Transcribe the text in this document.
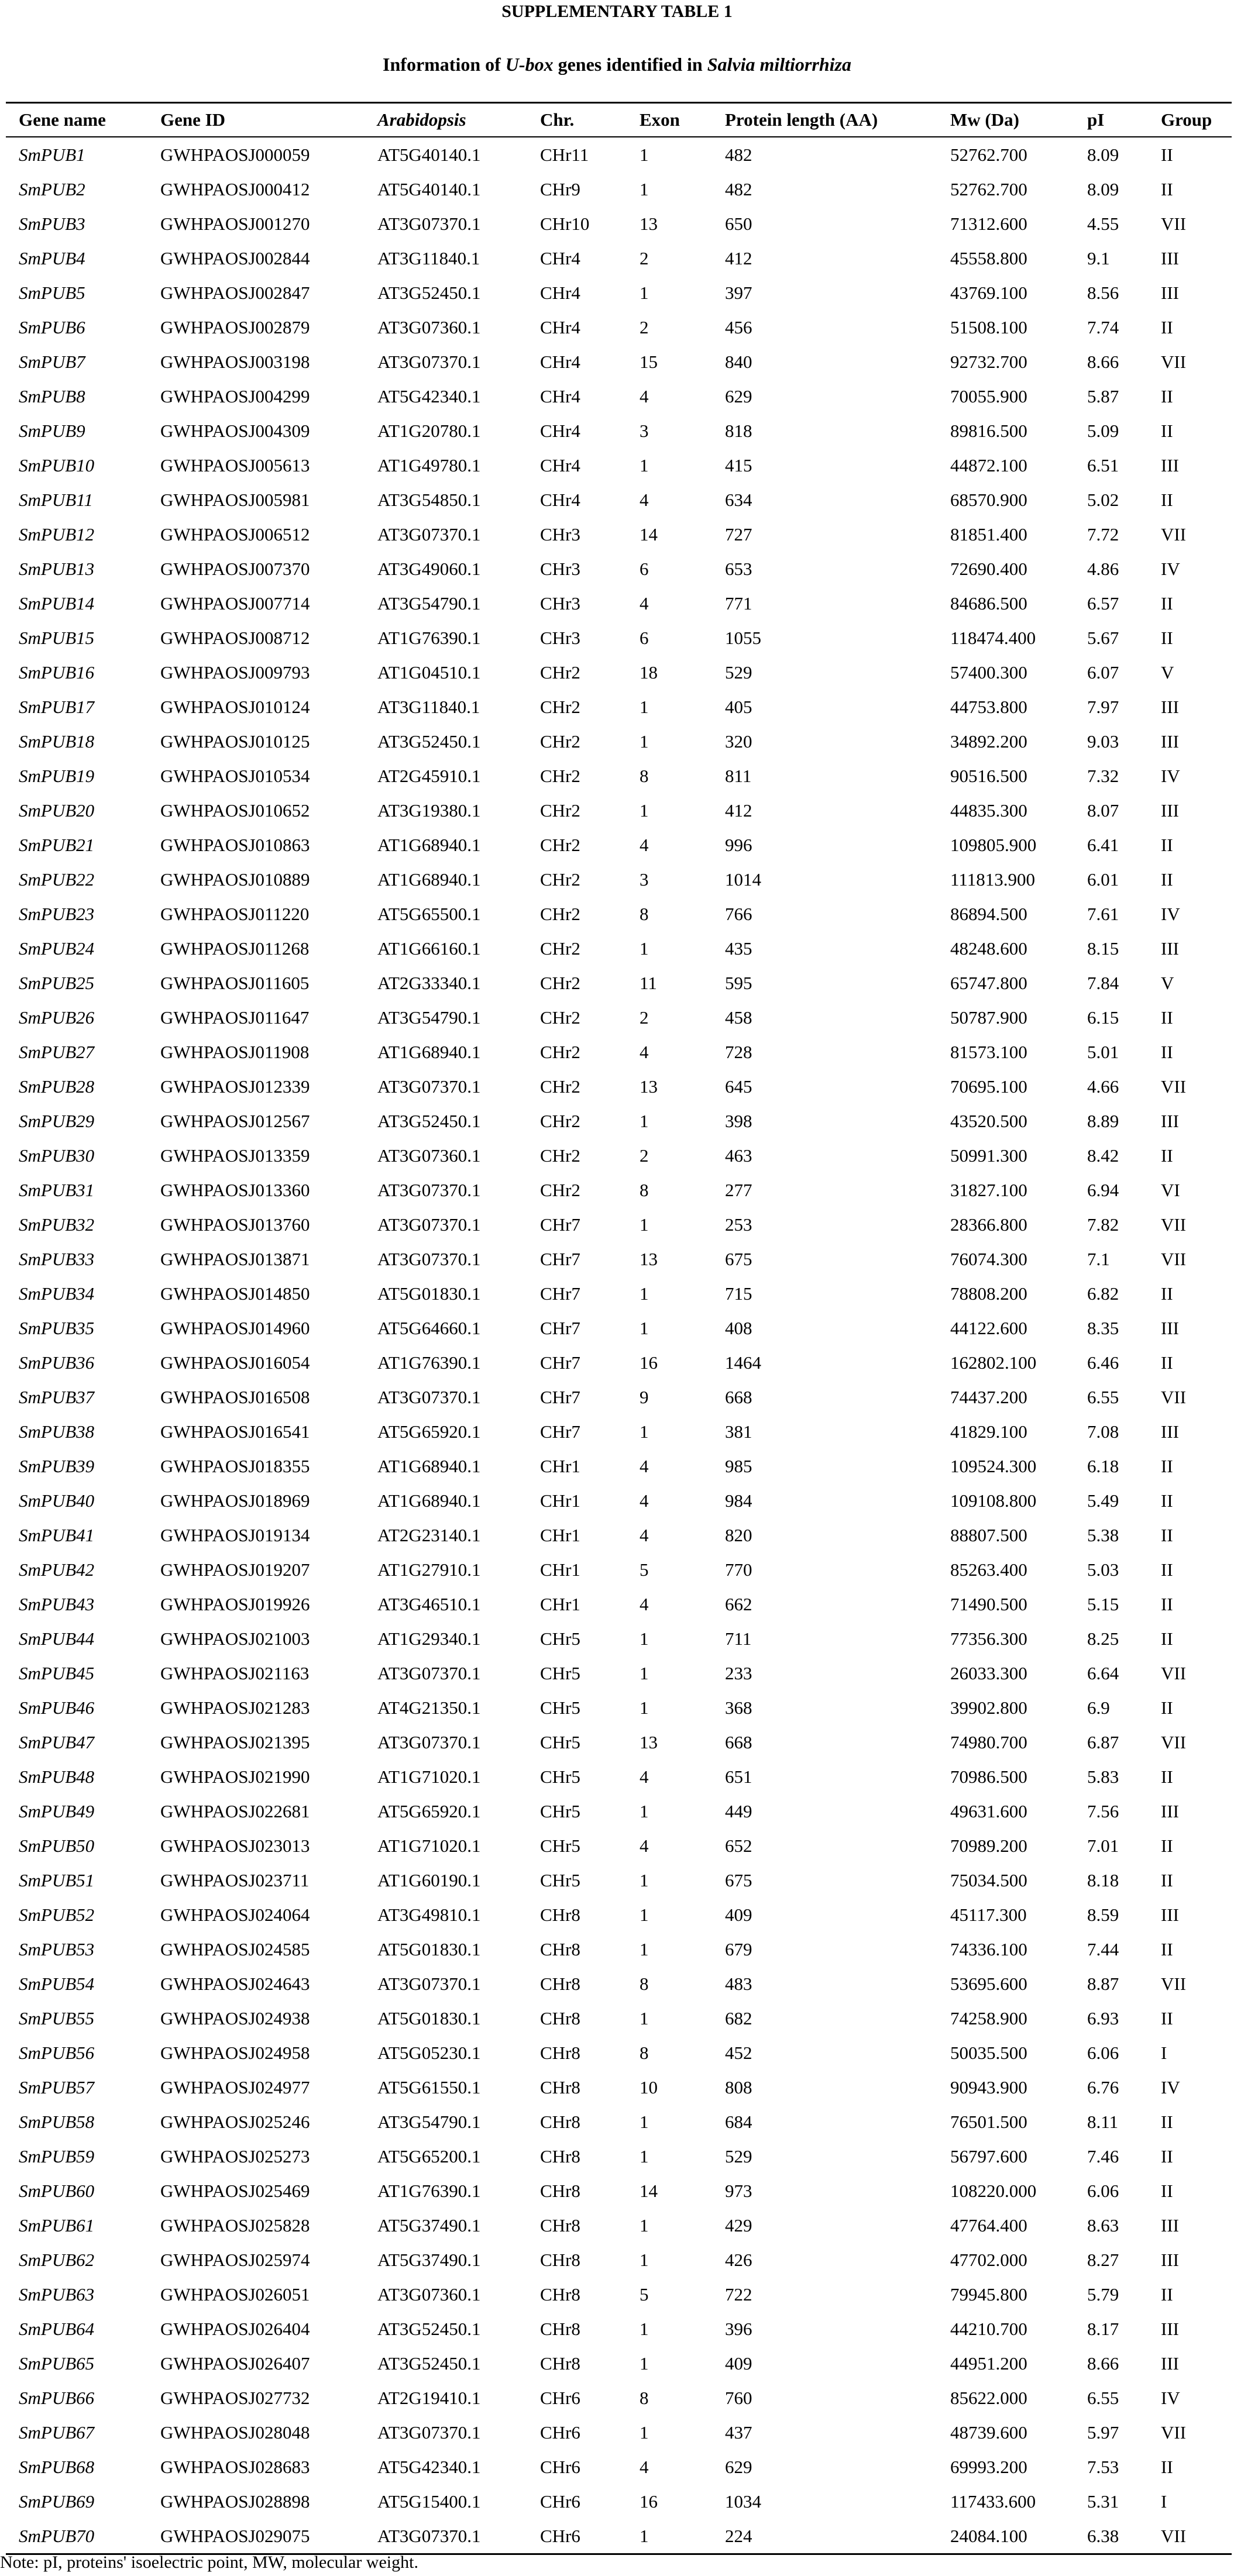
SUPPLEMENTARY TABLE 1
Information of U-box genes identified in Salvia miltiorrhiza
Gene name	Gene ID	Arabidopsis	Chr.	Exon	Protein length (AA)	Mw (Da)	pI	Group
SmPUB1	GWHPAOSJ000059	AT5G40140.1	CHr11	1	482	52762.700	8.09	II
SmPUB2	GWHPAOSJ000412	AT5G40140.1	CHr9	1	482	52762.700	8.09	II
SmPUB3	GWHPAOSJ001270	AT3G07370.1	CHr10	13	650	71312.600	4.55	VII
SmPUB4	GWHPAOSJ002844	AT3G11840.1	CHr4	2	412	45558.800	9.1	III
SmPUB5	GWHPAOSJ002847	AT3G52450.1	CHr4	1	397	43769.100	8.56	III
SmPUB6	GWHPAOSJ002879	AT3G07360.1	CHr4	2	456	51508.100	7.74	II
SmPUB7	GWHPAOSJ003198	AT3G07370.1	CHr4	15	840	92732.700	8.66	VII
SmPUB8	GWHPAOSJ004299	AT5G42340.1	CHr4	4	629	70055.900	5.87	II
SmPUB9	GWHPAOSJ004309	AT1G20780.1	CHr4	3	818	89816.500	5.09	II
SmPUB10	GWHPAOSJ005613	AT1G49780.1	CHr4	1	415	44872.100	6.51	III
SmPUB11	GWHPAOSJ005981	AT3G54850.1	CHr4	4	634	68570.900	5.02	II
SmPUB12	GWHPAOSJ006512	AT3G07370.1	CHr3	14	727	81851.400	7.72	VII
SmPUB13	GWHPAOSJ007370	AT3G49060.1	CHr3	6	653	72690.400	4.86	IV
SmPUB14	GWHPAOSJ007714	AT3G54790.1	CHr3	4	771	84686.500	6.57	II
SmPUB15	GWHPAOSJ008712	AT1G76390.1	CHr3	6	1055	118474.400	5.67	II
SmPUB16	GWHPAOSJ009793	AT1G04510.1	CHr2	18	529	57400.300	6.07	V
SmPUB17	GWHPAOSJ010124	AT3G11840.1	CHr2	1	405	44753.800	7.97	III
SmPUB18	GWHPAOSJ010125	AT3G52450.1	CHr2	1	320	34892.200	9.03	III
SmPUB19	GWHPAOSJ010534	AT2G45910.1	CHr2	8	811	90516.500	7.32	IV
SmPUB20	GWHPAOSJ010652	AT3G19380.1	CHr2	1	412	44835.300	8.07	III
SmPUB21	GWHPAOSJ010863	AT1G68940.1	CHr2	4	996	109805.900	6.41	II
SmPUB22	GWHPAOSJ010889	AT1G68940.1	CHr2	3	1014	111813.900	6.01	II
SmPUB23	GWHPAOSJ011220	AT5G65500.1	CHr2	8	766	86894.500	7.61	IV
SmPUB24	GWHPAOSJ011268	AT1G66160.1	CHr2	1	435	48248.600	8.15	III
SmPUB25	GWHPAOSJ011605	AT2G33340.1	CHr2	11	595	65747.800	7.84	V
SmPUB26	GWHPAOSJ011647	AT3G54790.1	CHr2	2	458	50787.900	6.15	II
SmPUB27	GWHPAOSJ011908	AT1G68940.1	CHr2	4	728	81573.100	5.01	II
SmPUB28	GWHPAOSJ012339	AT3G07370.1	CHr2	13	645	70695.100	4.66	VII
SmPUB29	GWHPAOSJ012567	AT3G52450.1	CHr2	1	398	43520.500	8.89	III
SmPUB30	GWHPAOSJ013359	AT3G07360.1	CHr2	2	463	50991.300	8.42	II
SmPUB31	GWHPAOSJ013360	AT3G07370.1	CHr2	8	277	31827.100	6.94	VI
SmPUB32	GWHPAOSJ013760	AT3G07370.1	CHr7	1	253	28366.800	7.82	VII
SmPUB33	GWHPAOSJ013871	AT3G07370.1	CHr7	13	675	76074.300	7.1	VII
SmPUB34	GWHPAOSJ014850	AT5G01830.1	CHr7	1	715	78808.200	6.82	II
SmPUB35	GWHPAOSJ014960	AT5G64660.1	CHr7	1	408	44122.600	8.35	III
SmPUB36	GWHPAOSJ016054	AT1G76390.1	CHr7	16	1464	162802.100	6.46	II
SmPUB37	GWHPAOSJ016508	AT3G07370.1	CHr7	9	668	74437.200	6.55	VII
SmPUB38	GWHPAOSJ016541	AT5G65920.1	CHr7	1	381	41829.100	7.08	III
SmPUB39	GWHPAOSJ018355	AT1G68940.1	CHr1	4	985	109524.300	6.18	II
SmPUB40	GWHPAOSJ018969	AT1G68940.1	CHr1	4	984	109108.800	5.49	II
SmPUB41	GWHPAOSJ019134	AT2G23140.1	CHr1	4	820	88807.500	5.38	II
SmPUB42	GWHPAOSJ019207	AT1G27910.1	CHr1	5	770	85263.400	5.03	II
SmPUB43	GWHPAOSJ019926	AT3G46510.1	CHr1	4	662	71490.500	5.15	II
SmPUB44	GWHPAOSJ021003	AT1G29340.1	CHr5	1	711	77356.300	8.25	II
SmPUB45	GWHPAOSJ021163	AT3G07370.1	CHr5	1	233	26033.300	6.64	VII
SmPUB46	GWHPAOSJ021283	AT4G21350.1	CHr5	1	368	39902.800	6.9	II
SmPUB47	GWHPAOSJ021395	AT3G07370.1	CHr5	13	668	74980.700	6.87	VII
SmPUB48	GWHPAOSJ021990	AT1G71020.1	CHr5	4	651	70986.500	5.83	II
SmPUB49	GWHPAOSJ022681	AT5G65920.1	CHr5	1	449	49631.600	7.56	III
SmPUB50	GWHPAOSJ023013	AT1G71020.1	CHr5	4	652	70989.200	7.01	II
SmPUB51	GWHPAOSJ023711	AT1G60190.1	CHr5	1	675	75034.500	8.18	II
SmPUB52	GWHPAOSJ024064	AT3G49810.1	CHr8	1	409	45117.300	8.59	III
SmPUB53	GWHPAOSJ024585	AT5G01830.1	CHr8	1	679	74336.100	7.44	II
SmPUB54	GWHPAOSJ024643	AT3G07370.1	CHr8	8	483	53695.600	8.87	VII
SmPUB55	GWHPAOSJ024938	AT5G01830.1	CHr8	1	682	74258.900	6.93	II
SmPUB56	GWHPAOSJ024958	AT5G05230.1	CHr8	8	452	50035.500	6.06	I
SmPUB57	GWHPAOSJ024977	AT5G61550.1	CHr8	10	808	90943.900	6.76	IV
SmPUB58	GWHPAOSJ025246	AT3G54790.1	CHr8	1	684	76501.500	8.11	II
SmPUB59	GWHPAOSJ025273	AT5G65200.1	CHr8	1	529	56797.600	7.46	II
SmPUB60	GWHPAOSJ025469	AT1G76390.1	CHr8	14	973	108220.000	6.06	II
SmPUB61	GWHPAOSJ025828	AT5G37490.1	CHr8	1	429	47764.400	8.63	III
SmPUB62	GWHPAOSJ025974	AT5G37490.1	CHr8	1	426	47702.000	8.27	III
SmPUB63	GWHPAOSJ026051	AT3G07360.1	CHr8	5	722	79945.800	5.79	II
SmPUB64	GWHPAOSJ026404	AT3G52450.1	CHr8	1	396	44210.700	8.17	III
SmPUB65	GWHPAOSJ026407	AT3G52450.1	CHr8	1	409	44951.200	8.66	III
SmPUB66	GWHPAOSJ027732	AT2G19410.1	CHr6	8	760	85622.000	6.55	IV
SmPUB67	GWHPAOSJ028048	AT3G07370.1	CHr6	1	437	48739.600	5.97	VII
SmPUB68	GWHPAOSJ028683	AT5G42340.1	CHr6	4	629	69993.200	7.53	II
SmPUB69	GWHPAOSJ028898	AT5G15400.1	CHr6	16	1034	117433.600	5.31	I
SmPUB70	GWHPAOSJ029075	AT3G07370.1	CHr6	1	224	24084.100	6.38	VII
Note: pI, proteins' isoelectric point, MW, molecular weight.
